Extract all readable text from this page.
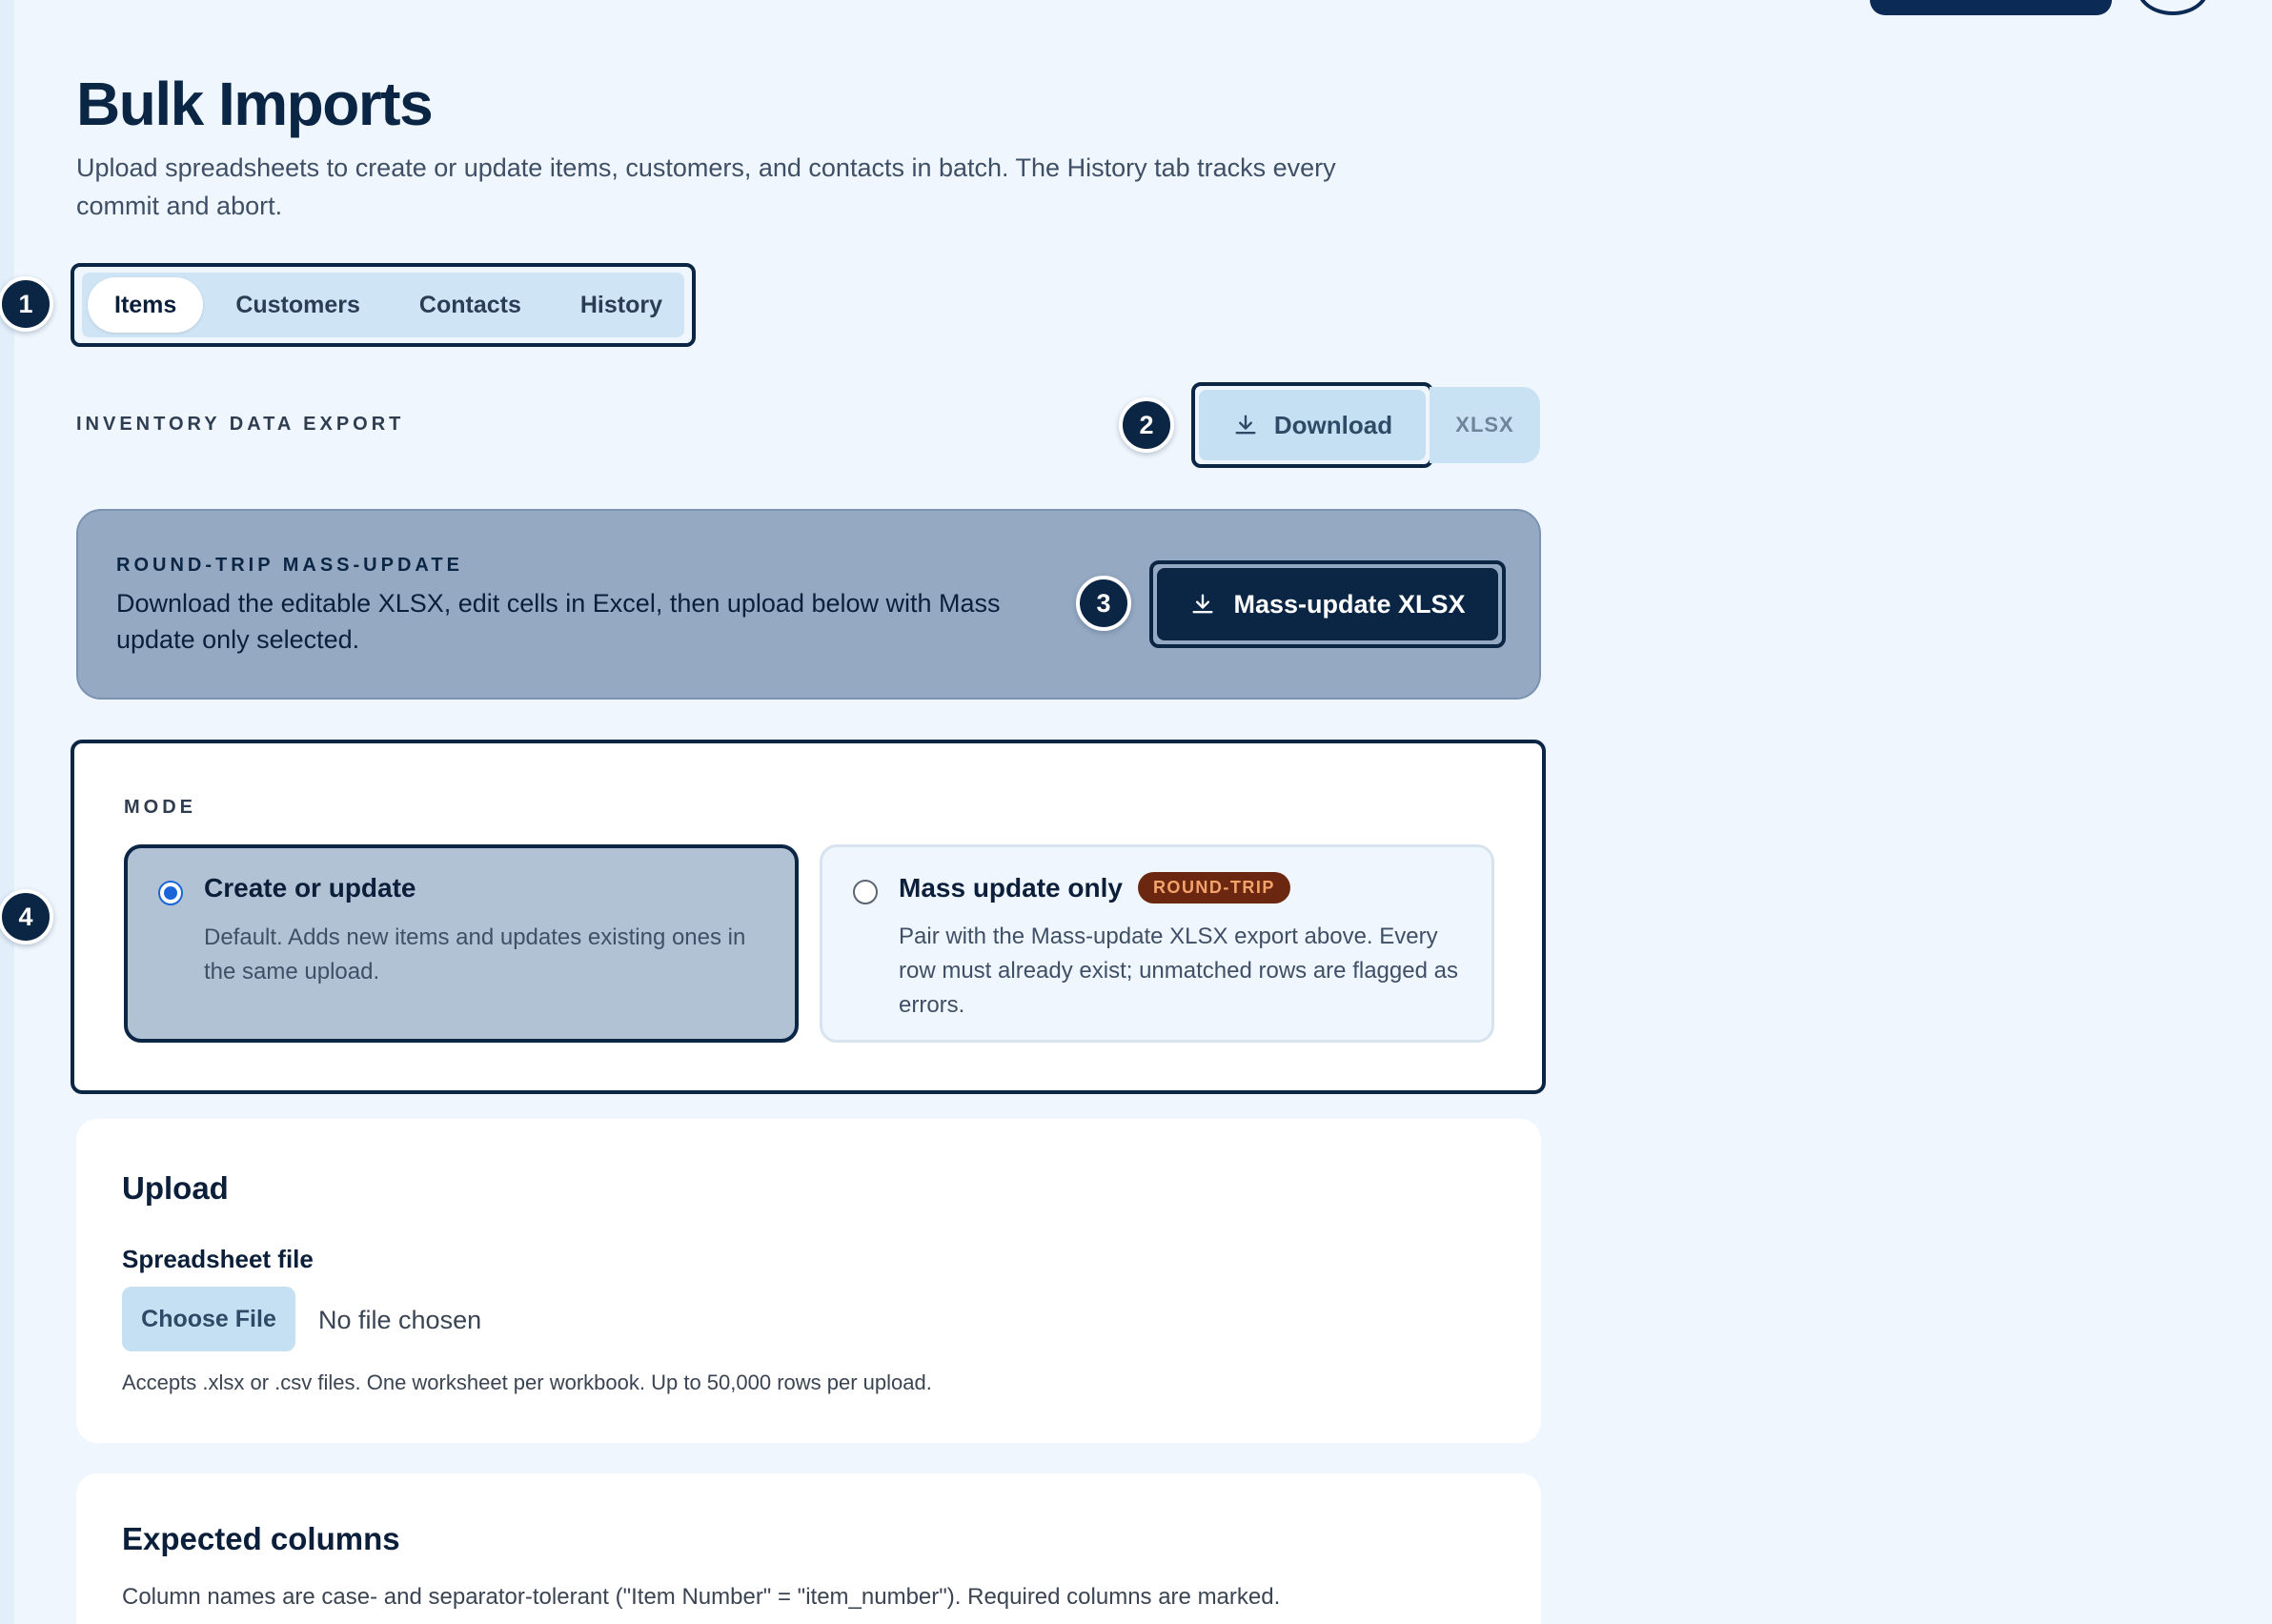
Bulk Imports

Upload spreadsheets to create or update items, customers, and contacts in batch. The History tab tracks every commit and abort.

1	Items	Customers	Contacts	History
INVENTORY DATA EXPORT	2	Download	XLSX
ROUND-TRIP MASS-UPDATE
Download the editable XLSX, edit cells in Excel, then upload below with Mass update only selected.
3	Mass-update XLSX
4
MODE
Create or update
Default. Adds new items and updates existing ones in the same upload.
Mass update only	ROUND-TRIP
Pair with the Mass-update XLSX export above. Every row must already exist; unmatched rows are flagged as errors.
Upload
Spreadsheet file
Choose File	No file chosen
Accepts .xlsx or .csv files. One worksheet per workbook. Up to 50,000 rows per upload.
Expected columns
Column names are case- and separator-tolerant ("Item Number" = "item_number"). Required columns are marked.
